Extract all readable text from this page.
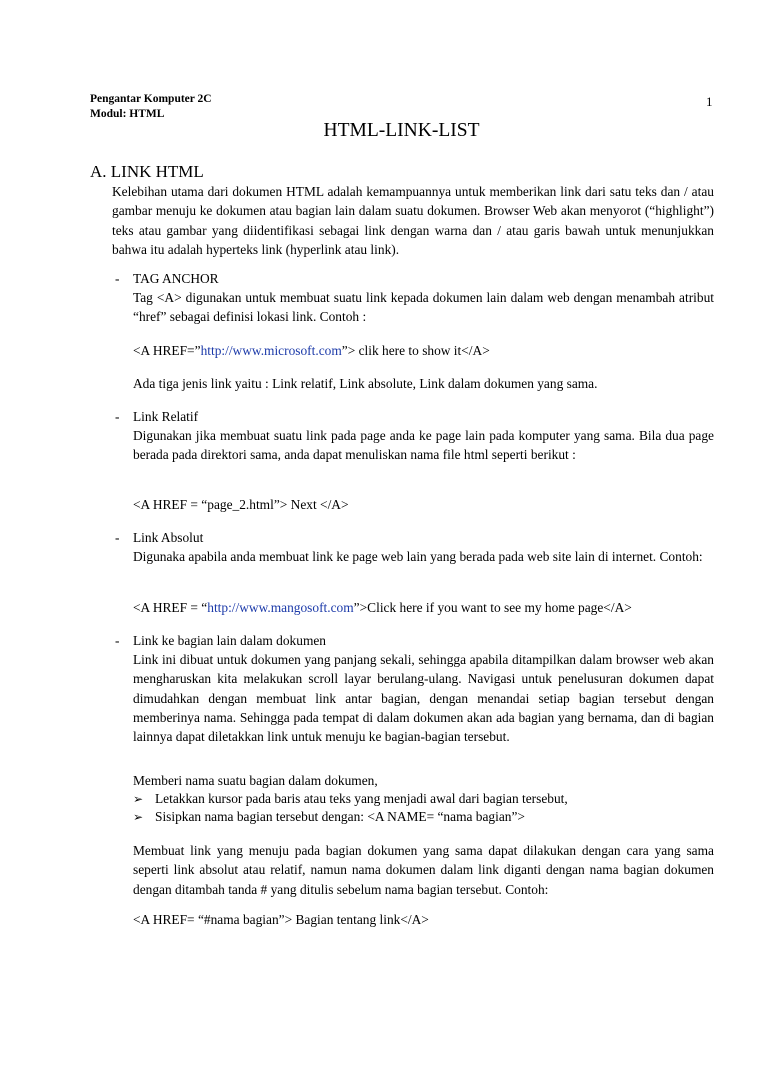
Pengantar Komputer 2C
Modul: HTML
1
HTML-LINK-LIST
A. LINK HTML

Kelebihan utama dari dokumen HTML adalah kemampuannya untuk memberikan link dari satu teks dan / atau gambar menuju ke dokumen atau bagian lain dalam suatu dokumen. Browser Web akan menyorot (“highlight”) teks atau gambar yang diidentifikasi sebagai link dengan warna dan / atau garis bawah untuk menunjukkan bahwa itu adalah hyperteks link (hyperlink atau link).

- TAG ANCHOR

Tag <A> digunakan untuk membuat suatu link kepada dokumen lain dalam web dengan menambah atribut “href” sebagai definisi lokasi link. Contoh :

<A HREF=”http://www.microsoft.com”> clik here to show it</A>
Ada tiga jenis link yaitu : Link relatif, Link absolute, Link dalam dokumen yang sama.
- Link Relatif

Digunakan jika membuat suatu link pada page anda ke page lain pada komputer yang sama. Bila dua page berada pada direktori sama, anda dapat menuliskan nama file html seperti berikut :

<A HREF = “page_2.html”> Next </A>
- Link Absolut

Digunaka apabila anda membuat link ke page web lain yang berada pada web site lain di internet. Contoh:

<A HREF = “http://www.mangosoft.com”>Click here if you want to see my home page</A>
- Link ke bagian lain dalam dokumen

Link ini dibuat untuk dokumen yang panjang sekali, sehingga apabila ditampilkan dalam browser web akan mengharuskan kita melakukan scroll layar berulang-ulang. Navigasi untuk penelusuran dokumen dapat dimudahkan dengan membuat link antar bagian, dengan menandai setiap bagian tersebut dengan memberinya nama. Sehingga pada tempat di dalam dokumen akan ada bagian yang bernama, dan di bagian lainnya dapat diletakkan link untuk menuju ke bagian-bagian tersebut.

Memberi nama suatu bagian dalam dokumen,
➢ Letakkan kursor pada baris atau teks yang menjadi awal dari bagian tersebut,
➢ Sisipkan nama bagian tersebut dengan: <A NAME= “nama bagian”>

Membuat link yang menuju pada bagian dokumen yang sama dapat dilakukan dengan cara yang sama seperti link absolut atau relatif, namun nama dokumen dalam link diganti dengan nama bagian dokumen dengan ditambah tanda # yang ditulis sebelum nama bagian tersebut. Contoh:

<A HREF= “#nama bagian”> Bagian tentang link</A>
